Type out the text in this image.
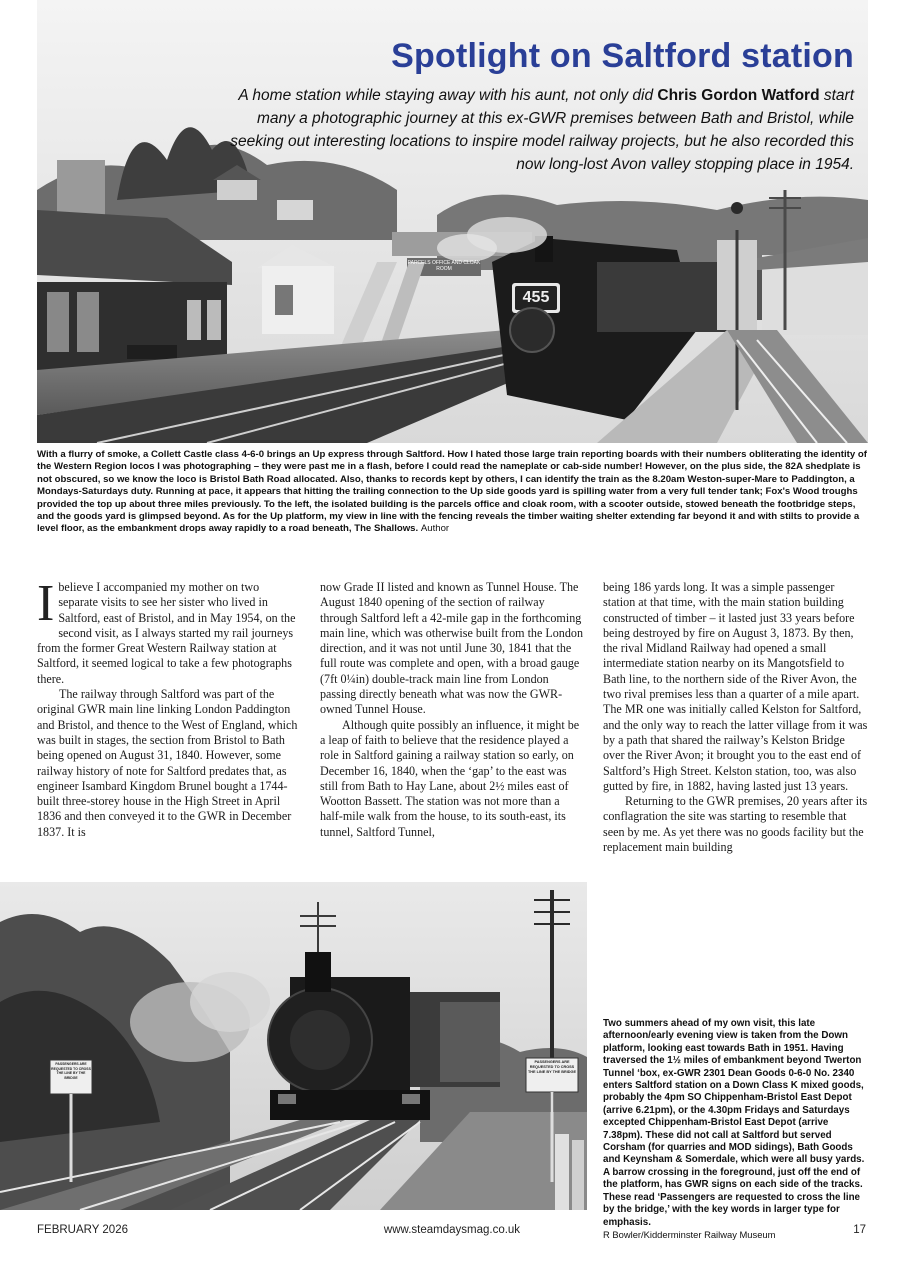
Spotlight on Saltford station
A home station while staying away with his aunt, not only did Chris Gordon Watford start many a photographic journey at this ex-GWR premises between Bath and Bristol, while seeking out interesting locations to inspire model railway projects, but he also recorded this now long-lost Avon valley stopping place in 1954.
455
PARCELS OFFICE AND CLOAK ROOM
With a flurry of smoke, a Collett Castle class 4-6-0 brings an Up express through Saltford. How I hated those large train reporting boards with their numbers obliterating the identity of the Western Region locos I was photographing – they were past me in a flash, before I could read the nameplate or cab-side number! However, on the plus side, the 82A shedplate is not obscured, so we know the loco is Bristol Bath Road allocated. Also, thanks to records kept by others, I can identify the train as the 8.20am Weston-super-Mare to Paddington, a Mondays-Saturdays duty. Running at pace, it appears that hitting the trailing connection to the Up side goods yard is spilling water from a very full tender tank; Fox's Wood troughs provided the top up about three miles previously. To the left, the isolated building is the parcels office and cloak room, with a scooter outside, stowed beneath the footbridge steps, and the goods yard is glimpsed beyond. As for the Up platform, my view in line with the fencing reveals the timber waiting shelter extending far beyond it and with stilts to provide a level floor, as the embankment drops away rapidly to a road beneath, The Shallows. Author

Ibelieve I accompanied my mother on two separate visits to see her sister who lived in Saltford, east of Bristol, and in May 1954, on the second visit, as I always started my rail journeys from the former Great Western Railway station at Saltford, it seemed logical to take a few photographs there.

The railway through Saltford was part of the original GWR main line linking London Paddington and Bristol, and thence to the West of England, which was built in stages, the section from Bristol to Bath being opened on August 31, 1840. However, some railway history of note for Saltford predates that, as engineer Isambard Kingdom Brunel bought a 1744-built three-storey house in the High Street in April 1836 and then conveyed it to the GWR in December 1837. It is

now Grade II listed and known as Tunnel House. The August 1840 opening of the section of railway through Saltford left a 42-mile gap in the forthcoming main line, which was otherwise built from the London direction, and it was not until June 30, 1841 that the full route was complete and open, with a broad gauge (7ft 0¼in) double-track main line from London passing directly beneath what was now the GWR-owned Tunnel House.

Although quite possibly an influence, it might be a leap of faith to believe that the residence played a role in Saltford gaining a railway station so early, on December 16, 1840, when the ‘gap’ to the east was still from Bath to Hay Lane, about 2½ miles east of Wootton Bassett. The station was not more than a half-mile walk from the house, to its south-east, its tunnel, Saltford Tunnel,

being 186 yards long. It was a simple passenger station at that time, with the main station building constructed of timber – it lasted just 33 years before being destroyed by fire on August 3, 1873. By then, the rival Midland Railway had opened a small intermediate station nearby on its Mangotsfield to Bath line, to the northern side of the River Avon, the two rival premises less than a quarter of a mile apart. The MR one was initially called Kelston for Saltford, and the only way to reach the latter village from it was by a path that shared the railway’s Kelston Bridge over the River Avon; it brought you to the east end of Saltford’s High Street. Kelston station, too, was also gutted by fire, in 1882, having lasted just 13 years.

Returning to the GWR premises, 20 years after its conflagration the site was starting to resemble that seen by me. As yet there was no goods facility but the replacement main building

PASSENGERS ARE REQUESTED TO CROSS THE LINE BY THE BRIDGE
PASSENGERS ARE REQUESTED TO CROSS THE LINE BY THE BRIDGE
Two summers ahead of my own visit, this late afternoon/early evening view is taken from the Down platform, looking east towards Bath in 1951. Having traversed the 1½ miles of embankment beyond Twerton Tunnel ‘box, ex-GWR 2301 Dean Goods 0-6-0 No. 2340 enters Saltford station on a Down Class K mixed goods, probably the 4pm SO Chippenham-Bristol East Depot (arrive 6.21pm), or the 4.30pm Fridays and Saturdays excepted Chippenham-Bristol East Depot (arrive 7.38pm). These did not call at Saltford but served Corsham (for quarries and MOD sidings), Bath Goods and Keynsham & Somerdale, which were all busy yards. A barrow crossing in the foreground, just off the end of the platform, has GWR signs on each side of the tracks. These read ‘Passengers are requested to cross the line by the bridge,’ with the key words in larger type for emphasis.
R Bowler/Kidderminster Railway Museum
FEBRUARY 2026	www.steamdaysmag.co.uk	17
